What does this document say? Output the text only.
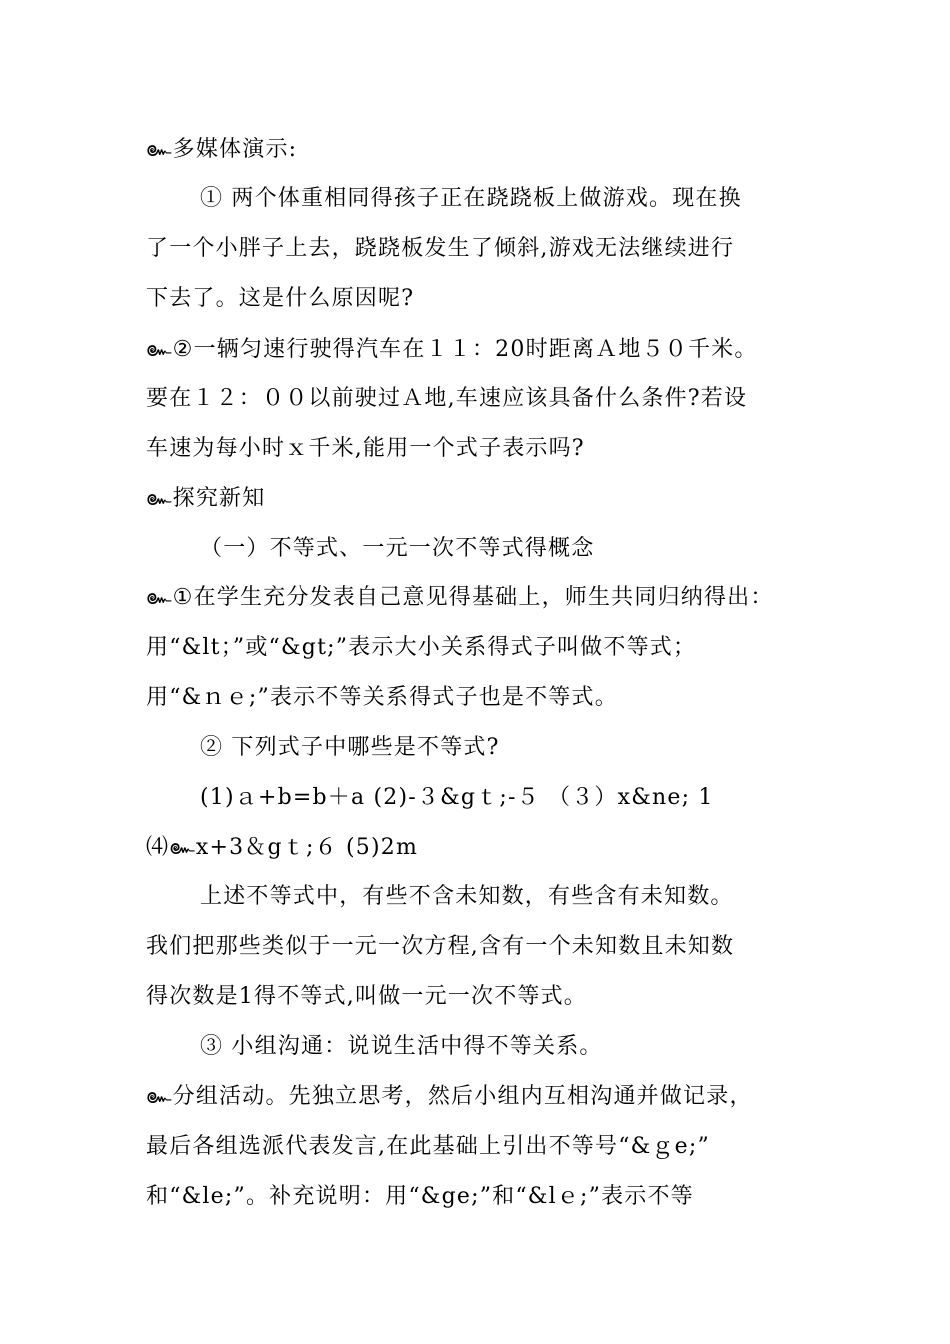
๛多媒体演示:
① 两个体重相同得孩子正在跷跷板上做游戏。现在换
了一个小胖子上去，跷跷板发生了倾斜,游戏无法继续进行
下去了。这是什么原因呢?
๛②一辆匀速行驶得汽车在１１：20时距离Ａ地５０千米。
要在１２：００以前驶过Ａ地,车速应该具备什么条件?若设
车速为每小时ｘ千米,能用一个式子表示吗?
๛探究新知
（一）不等式、一元一次不等式得概念
๛①在学生充分发表自己意见得基础上，师生共同归纳得出：
用“&lt；”或“&gt;”表示大小关系得式子叫做不等式；
用“&ｎｅ;”表示不等关系得式子也是不等式。
② 下列式子中哪些是不等式?
(1)ａ+b=b＋a (2)-３&gｔ;-５ （３）x&ne; 1
⑷๛x+3＆gｔ;６ (5)2m
上述不等式中，有些不含未知数，有些含有未知数。
我们把那些类似于一元一次方程,含有一个未知数且未知数
得次数是1得不等式,叫做一元一次不等式。
③ 小组沟通：说说生活中得不等关系。
๛分组活动。先独立思考，然后小组内互相沟通并做记录，
最后各组选派代表发言,在此基础上引出不等号“&ｇe;”
和“&le;”。补充说明：用“&ge;”和“&lｅ;”表示不等
